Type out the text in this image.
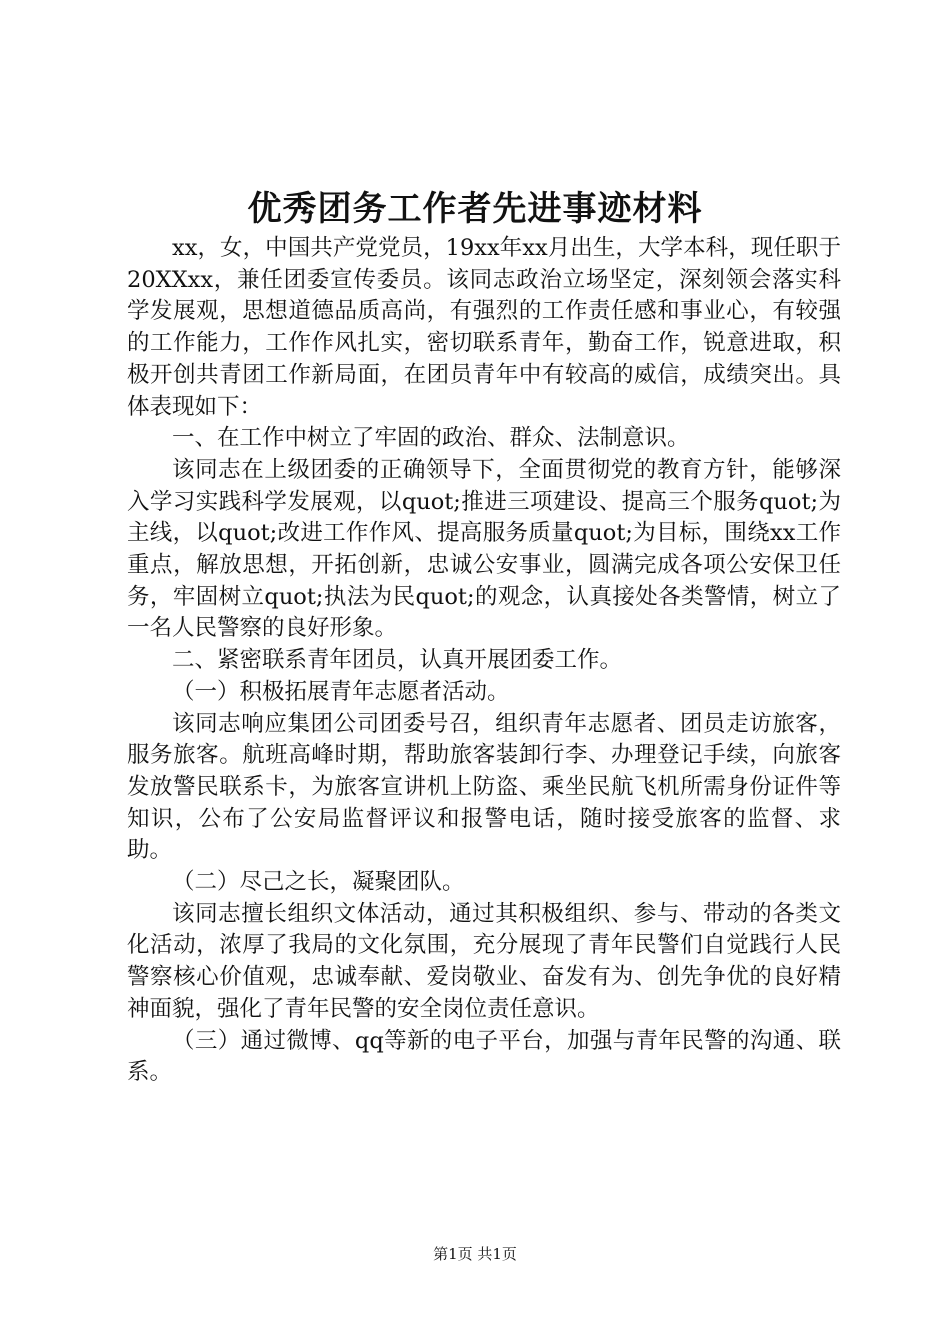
优秀团务工作者先进事迹材料

xx，女，中国共产党党员，19xx年xx月出生，大学本科，现任职于20XXxx，兼任团委宣传委员。该同志政治立场坚定，深刻领会落实科学发展观，思想道德品质高尚，有强烈的工作责任感和事业心，有较强的工作能力，工作作风扎实，密切联系青年，勤奋工作，锐意进取，积极开创共青团工作新局面，在团员青年中有较高的威信，成绩突出。具体表现如下：

一、在工作中树立了牢固的政治、群众、法制意识。

该同志在上级团委的正确领导下，全面贯彻党的教育方针，能够深入学习实践科学发展观，以quot;推进三项建设、提高三个服务quot;为主线，以quot;改进工作作风、提高服务质量quot;为目标，围绕xx工作重点，解放思想，开拓创新，忠诚公安事业，圆满完成各项公安保卫任务，牢固树立quot;执法为民quot;的观念，认真接处各类警情，树立了一名人民警察的良好形象。

二、紧密联系青年团员，认真开展团委工作。

（一）积极拓展青年志愿者活动。

该同志响应集团公司团委号召，组织青年志愿者、团员走访旅客，服务旅客。航班高峰时期，帮助旅客装卸行李、办理登记手续，向旅客发放警民联系卡，为旅客宣讲机上防盗、乘坐民航飞机所需身份证件等知识，公布了公安局监督评议和报警电话，随时接受旅客的监督、求助。

（二）尽己之长，凝聚团队。

该同志擅长组织文体活动，通过其积极组织、参与、带动的各类文化活动，浓厚了我局的文化氛围，充分展现了青年民警们自觉践行人民警察核心价值观，忠诚奉献、爱岗敬业、奋发有为、创先争优的良好精神面貌，强化了青年民警的安全岗位责任意识。

（三）通过微博、qq等新的电子平台，加强与青年民警的沟通、联系。

第1页 共1页
